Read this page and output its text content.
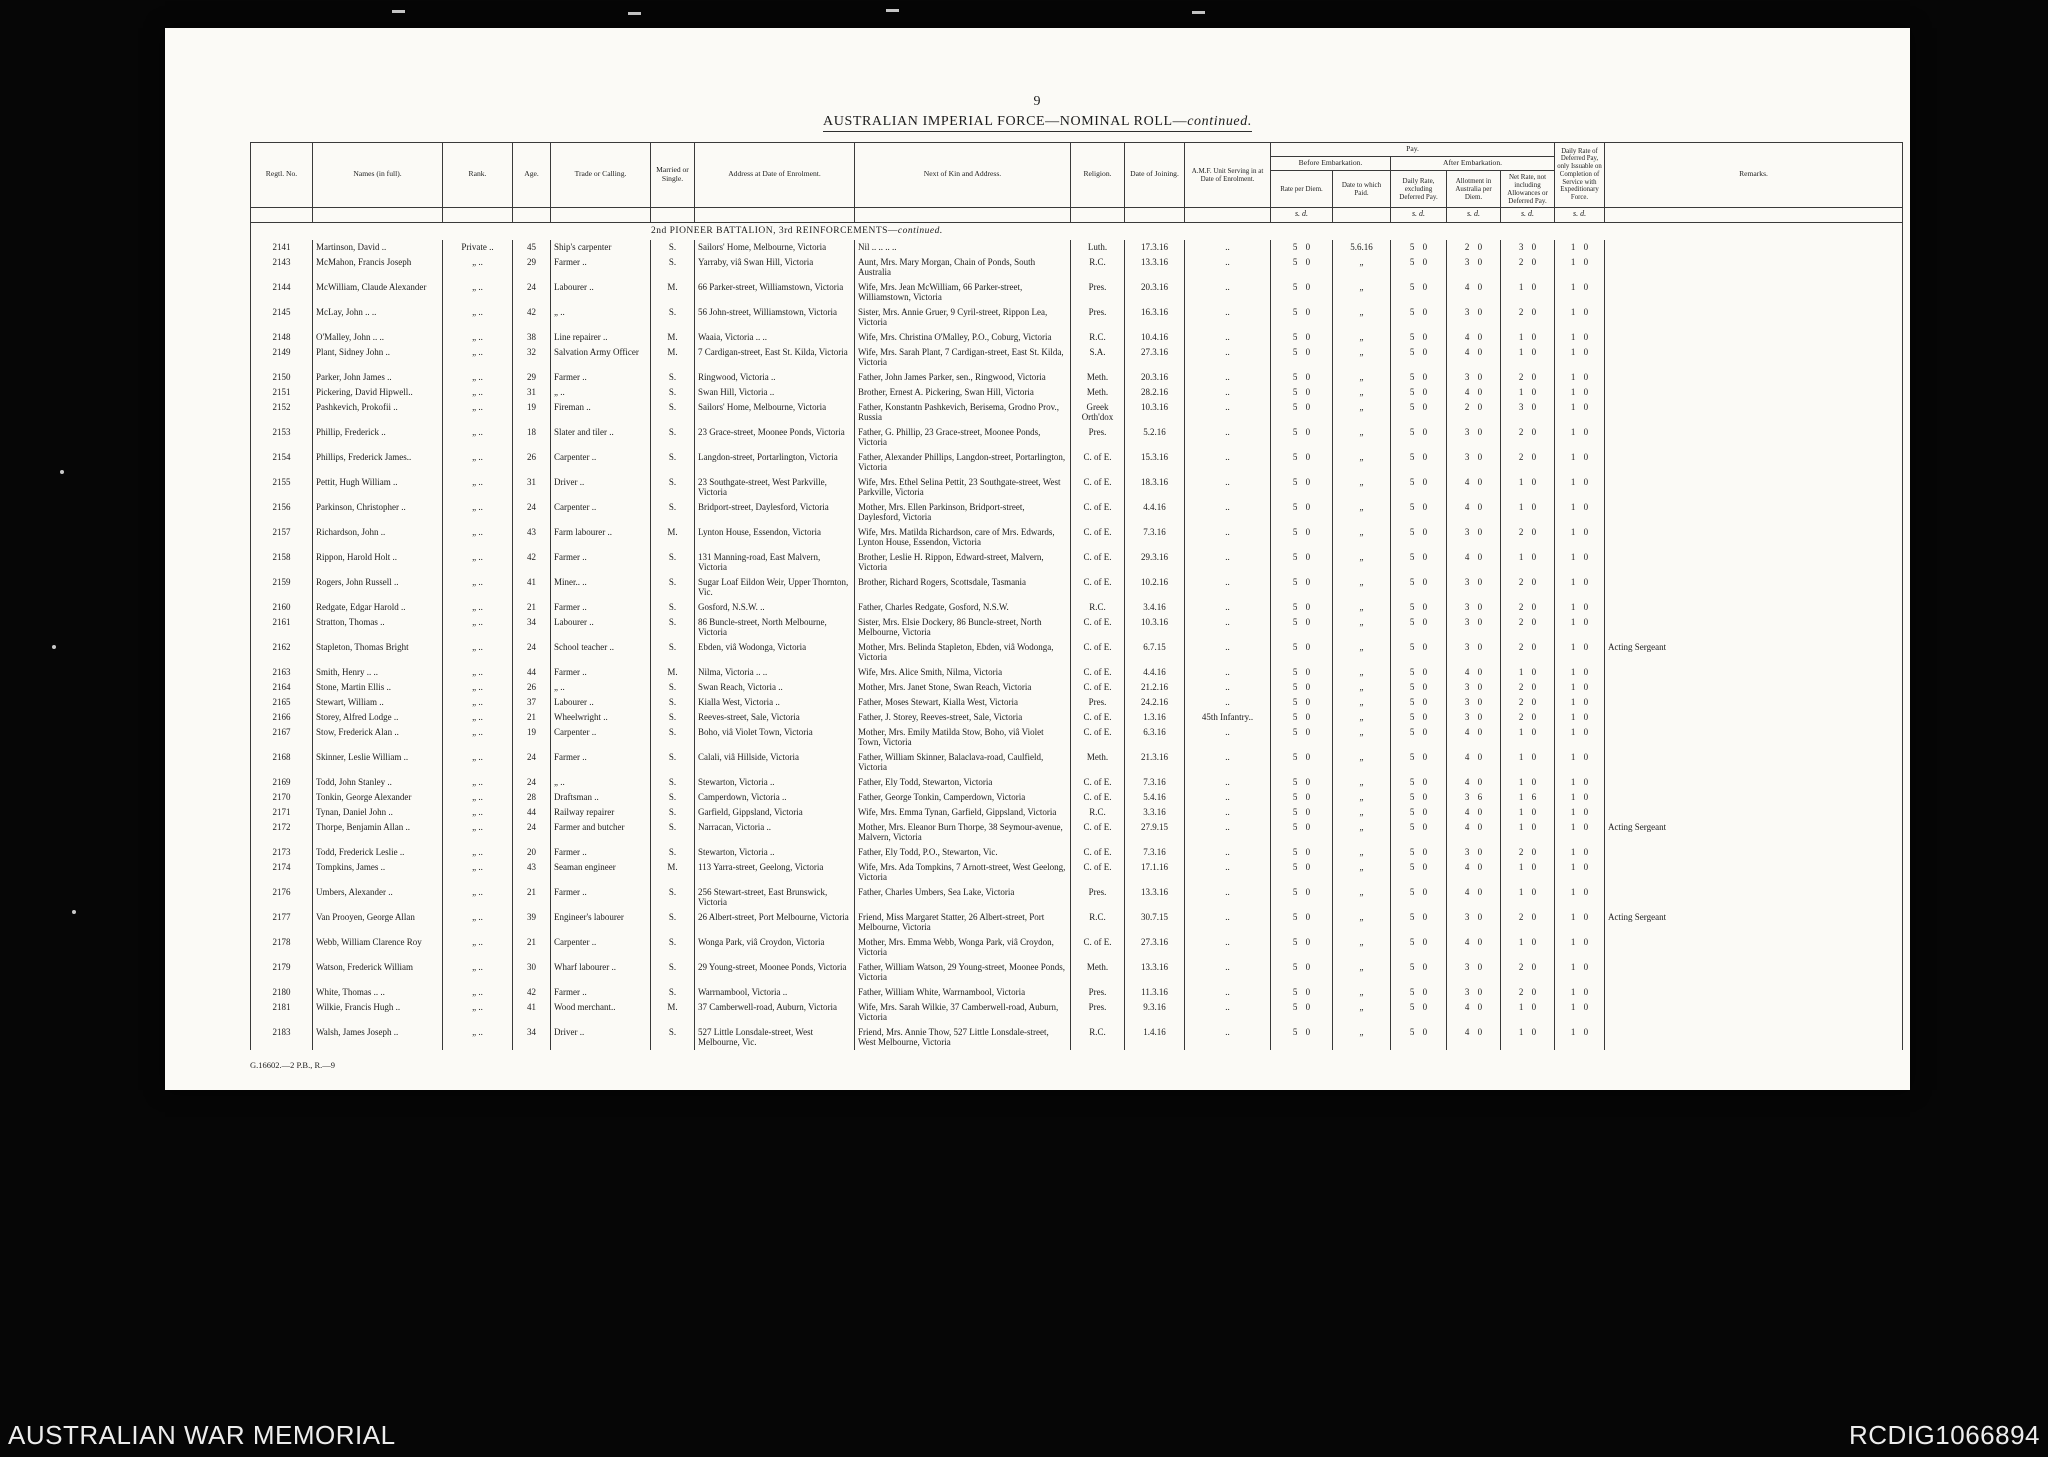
9
AUSTRALIAN IMPERIAL FORCE—NOMINAL ROLL—continued.
Regtl. No.	Names (in full).	Rank.	Age.	Trade or Calling.	Married or Single.	Address at Date of Enrolment.	Next of Kin and Address.	Religion.	Date of Joining.	A.M.F. Unit Serving in at Date of Enrolment.	Pay.					Daily Rate of Deferred Pay, only Issuable on Completion of Service with Expeditionary Force.	Remarks.
											Before Embarkation.		After Embarkation.				
											Rate per Diem.	Date to which Paid.	Daily Rate, excluding Deferred Pay.	Allotment in Australia per Diem.	Net Rate, not including Allowances or Deferred Pay.		
											s. d.		s. d.	s. d.	s. d.	s. d.	
2nd PIONEER BATTALION, 3rd REINFORCEMENTS—continued.																	
2141	Martinson, David ..	Private ..	45	Ship's carpenter	S.	Sailors' Home, Melbourne, Victoria	Nil .. .. .. ..	Luth.	17.3.16	..	5 0	5.6.16	5 0	2 0	3 0	1 0	
2143	McMahon, Francis Joseph	„ ..	29	Farmer ..	S.	Yarraby, viâ Swan Hill, Victoria	Aunt, Mrs. Mary Morgan, Chain of Ponds, South Australia	R.C.	13.3.16	..	5 0	„	5 0	3 0	2 0	1 0	
2144	McWilliam, Claude Alexander	„ ..	24	Labourer ..	M.	66 Parker-street, Williamstown, Victoria	Wife, Mrs. Jean McWilliam, 66 Parker-street, Williamstown, Victoria	Pres.	20.3.16	..	5 0	„	5 0	4 0	1 0	1 0	
2145	McLay, John .. ..	„ ..	42	„ ..	S.	56 John-street, Williamstown, Victoria	Sister, Mrs. Annie Gruer, 9 Cyril-street, Rippon Lea, Victoria	Pres.	16.3.16	..	5 0	„	5 0	3 0	2 0	1 0	
2148	O'Malley, John .. ..	„ ..	38	Line repairer ..	M.	Waaia, Victoria .. ..	Wife, Mrs. Christina O'Malley, P.O., Coburg, Victoria	R.C.	10.4.16	..	5 0	„	5 0	4 0	1 0	1 0	
2149	Plant, Sidney John ..	„ ..	32	Salvation Army Officer	M.	7 Cardigan-street, East St. Kilda, Victoria	Wife, Mrs. Sarah Plant, 7 Cardigan-street, East St. Kilda, Victoria	S.A.	27.3.16	..	5 0	„	5 0	4 0	1 0	1 0	
2150	Parker, John James ..	„ ..	29	Farmer ..	S.	Ringwood, Victoria ..	Father, John James Parker, sen., Ringwood, Victoria	Meth.	20.3.16	..	5 0	„	5 0	3 0	2 0	1 0	
2151	Pickering, David Hipwell..	„ ..	31	„ ..	S.	Swan Hill, Victoria ..	Brother, Ernest A. Pickering, Swan Hill, Victoria	Meth.	28.2.16	..	5 0	„	5 0	4 0	1 0	1 0	
2152	Pashkevich, Prokofii ..	„ ..	19	Fireman ..	S.	Sailors' Home, Melbourne, Victoria	Father, Konstantn Pashkevich, Berisema, Grodno Prov., Russia	Greek Orth'dox	10.3.16	..	5 0	„	5 0	2 0	3 0	1 0	
2153	Phillip, Frederick ..	„ ..	18	Slater and tiler ..	S.	23 Grace-street, Moonee Ponds, Victoria	Father, G. Phillip, 23 Grace-street, Moonee Ponds, Victoria	Pres.	5.2.16	..	5 0	„	5 0	3 0	2 0	1 0	
2154	Phillips, Frederick James..	„ ..	26	Carpenter ..	S.	Langdon-street, Portarlington, Victoria	Father, Alexander Phillips, Langdon-street, Portarlington, Victoria	C. of E.	15.3.16	..	5 0	„	5 0	3 0	2 0	1 0	
2155	Pettit, Hugh William ..	„ ..	31	Driver ..	S.	23 Southgate-street, West Parkville, Victoria	Wife, Mrs. Ethel Selina Pettit, 23 Southgate-street, West Parkville, Victoria	C. of E.	18.3.16	..	5 0	„	5 0	4 0	1 0	1 0	
2156	Parkinson, Christopher ..	„ ..	24	Carpenter ..	S.	Bridport-street, Daylesford, Victoria	Mother, Mrs. Ellen Parkinson, Bridport-street, Daylesford, Victoria	C. of E.	4.4.16	..	5 0	„	5 0	4 0	1 0	1 0	
2157	Richardson, John ..	„ ..	43	Farm labourer ..	M.	Lynton House, Essendon, Victoria	Wife, Mrs. Matilda Richardson, care of Mrs. Edwards, Lynton House, Essendon, Victoria	C. of E.	7.3.16	..	5 0	„	5 0	3 0	2 0	1 0	
2158	Rippon, Harold Holt ..	„ ..	42	Farmer ..	S.	131 Manning-road, East Malvern, Victoria	Brother, Leslie H. Rippon, Edward-street, Malvern, Victoria	C. of E.	29.3.16	..	5 0	„	5 0	4 0	1 0	1 0	
2159	Rogers, John Russell ..	„ ..	41	Miner.. ..	S.	Sugar Loaf Eildon Weir, Upper Thornton, Vic.	Brother, Richard Rogers, Scottsdale, Tasmania	C. of E.	10.2.16	..	5 0	„	5 0	3 0	2 0	1 0	
2160	Redgate, Edgar Harold ..	„ ..	21	Farmer ..	S.	Gosford, N.S.W. ..	Father, Charles Redgate, Gosford, N.S.W.	R.C.	3.4.16	..	5 0	„	5 0	3 0	2 0	1 0	
2161	Stratton, Thomas ..	„ ..	34	Labourer ..	S.	86 Buncle-street, North Melbourne, Victoria	Sister, Mrs. Elsie Dockery, 86 Buncle-street, North Melbourne, Victoria	C. of E.	10.3.16	..	5 0	„	5 0	3 0	2 0	1 0	
2162	Stapleton, Thomas Bright	„ ..	24	School teacher ..	S.	Ebden, viâ Wodonga, Victoria	Mother, Mrs. Belinda Stapleton, Ebden, viâ Wodonga, Victoria	C. of E.	6.7.15	..	5 0	„	5 0	3 0	2 0	1 0	Acting Sergeant
2163	Smith, Henry .. ..	„ ..	44	Farmer ..	M.	Nilma, Victoria .. ..	Wife, Mrs. Alice Smith, Nilma, Victoria	C. of E.	4.4.16	..	5 0	„	5 0	4 0	1 0	1 0	
2164	Stone, Martin Ellis ..	„ ..	26	„ ..	S.	Swan Reach, Victoria ..	Mother, Mrs. Janet Stone, Swan Reach, Victoria	C. of E.	21.2.16	..	5 0	„	5 0	3 0	2 0	1 0	
2165	Stewart, William ..	„ ..	37	Labourer ..	S.	Kialla West, Victoria ..	Father, Moses Stewart, Kialla West, Victoria	Pres.	24.2.16	..	5 0	„	5 0	3 0	2 0	1 0	
2166	Storey, Alfred Lodge ..	„ ..	21	Wheelwright ..	S.	Reeves-street, Sale, Victoria	Father, J. Storey, Reeves-street, Sale, Victoria	C. of E.	1.3.16	45th Infantry..	5 0	„	5 0	3 0	2 0	1 0	
2167	Stow, Frederick Alan ..	„ ..	19	Carpenter ..	S.	Boho, viâ Violet Town, Victoria	Mother, Mrs. Emily Matilda Stow, Boho, viâ Violet Town, Victoria	C. of E.	6.3.16	..	5 0	„	5 0	4 0	1 0	1 0	
2168	Skinner, Leslie William ..	„ ..	24	Farmer ..	S.	Calali, viâ Hillside, Victoria	Father, William Skinner, Balaclava-road, Caulfield, Victoria	Meth.	21.3.16	..	5 0	„	5 0	4 0	1 0	1 0	
2169	Todd, John Stanley ..	„ ..	24	„ ..	S.	Stewarton, Victoria ..	Father, Ely Todd, Stewarton, Victoria	C. of E.	7.3.16	..	5 0	„	5 0	4 0	1 0	1 0	
2170	Tonkin, George Alexander	„ ..	28	Draftsman ..	S.	Camperdown, Victoria ..	Father, George Tonkin, Camperdown, Victoria	C. of E.	5.4.16	..	5 0	„	5 0	3 6	1 6	1 0	
2171	Tynan, Daniel John ..	„ ..	44	Railway repairer	S.	Garfield, Gippsland, Victoria	Wife, Mrs. Emma Tynan, Garfield, Gippsland, Victoria	R.C.	3.3.16	..	5 0	„	5 0	4 0	1 0	1 0	
2172	Thorpe, Benjamin Allan ..	„ ..	24	Farmer and butcher	S.	Narracan, Victoria ..	Mother, Mrs. Eleanor Burn Thorpe, 38 Seymour-avenue, Malvern, Victoria	C. of E.	27.9.15	..	5 0	„	5 0	4 0	1 0	1 0	Acting Sergeant
2173	Todd, Frederick Leslie ..	„ ..	20	Farmer ..	S.	Stewarton, Victoria ..	Father, Ely Todd, P.O., Stewarton, Vic.	C. of E.	7.3.16	..	5 0	„	5 0	3 0	2 0	1 0	
2174	Tompkins, James ..	„ ..	43	Seaman engineer	M.	113 Yarra-street, Geelong, Victoria	Wife, Mrs. Ada Tompkins, 7 Arnott-street, West Geelong, Victoria	C. of E.	17.1.16	..	5 0	„	5 0	4 0	1 0	1 0	
2176	Umbers, Alexander ..	„ ..	21	Farmer ..	S.	256 Stewart-street, East Brunswick, Victoria	Father, Charles Umbers, Sea Lake, Victoria	Pres.	13.3.16	..	5 0	„	5 0	4 0	1 0	1 0	
2177	Van Prooyen, George Allan	„ ..	39	Engineer's labourer	S.	26 Albert-street, Port Melbourne, Victoria	Friend, Miss Margaret Statter, 26 Albert-street, Port Melbourne, Victoria	R.C.	30.7.15	..	5 0	„	5 0	3 0	2 0	1 0	Acting Sergeant
2178	Webb, William Clarence Roy	„ ..	21	Carpenter ..	S.	Wonga Park, viâ Croydon, Victoria	Mother, Mrs. Emma Webb, Wonga Park, viâ Croydon, Victoria	C. of E.	27.3.16	..	5 0	„	5 0	4 0	1 0	1 0	
2179	Watson, Frederick William	„ ..	30	Wharf labourer ..	S.	29 Young-street, Moonee Ponds, Victoria	Father, William Watson, 29 Young-street, Moonee Ponds, Victoria	Meth.	13.3.16	..	5 0	„	5 0	3 0	2 0	1 0	
2180	White, Thomas .. ..	„ ..	42	Farmer ..	S.	Warrnambool, Victoria ..	Father, William White, Warrnambool, Victoria	Pres.	11.3.16	..	5 0	„	5 0	3 0	2 0	1 0	
2181	Wilkie, Francis Hugh ..	„ ..	41	Wood merchant..	M.	37 Camberwell-road, Auburn, Victoria	Wife, Mrs. Sarah Wilkie, 37 Camberwell-road, Auburn, Victoria	Pres.	9.3.16	..	5 0	„	5 0	4 0	1 0	1 0	
2183	Walsh, James Joseph ..	„ ..	34	Driver ..	S.	527 Little Lonsdale-street, West Melbourne, Vic.	Friend, Mrs. Annie Thow, 527 Little Lonsdale-street, West Melbourne, Victoria	R.C.	1.4.16	..	5 0	„	5 0	4 0	1 0	1 0	
G.16602.—2 P.B., R.—9
AUSTRALIAN WAR MEMORIAL	RCDIG1066894
